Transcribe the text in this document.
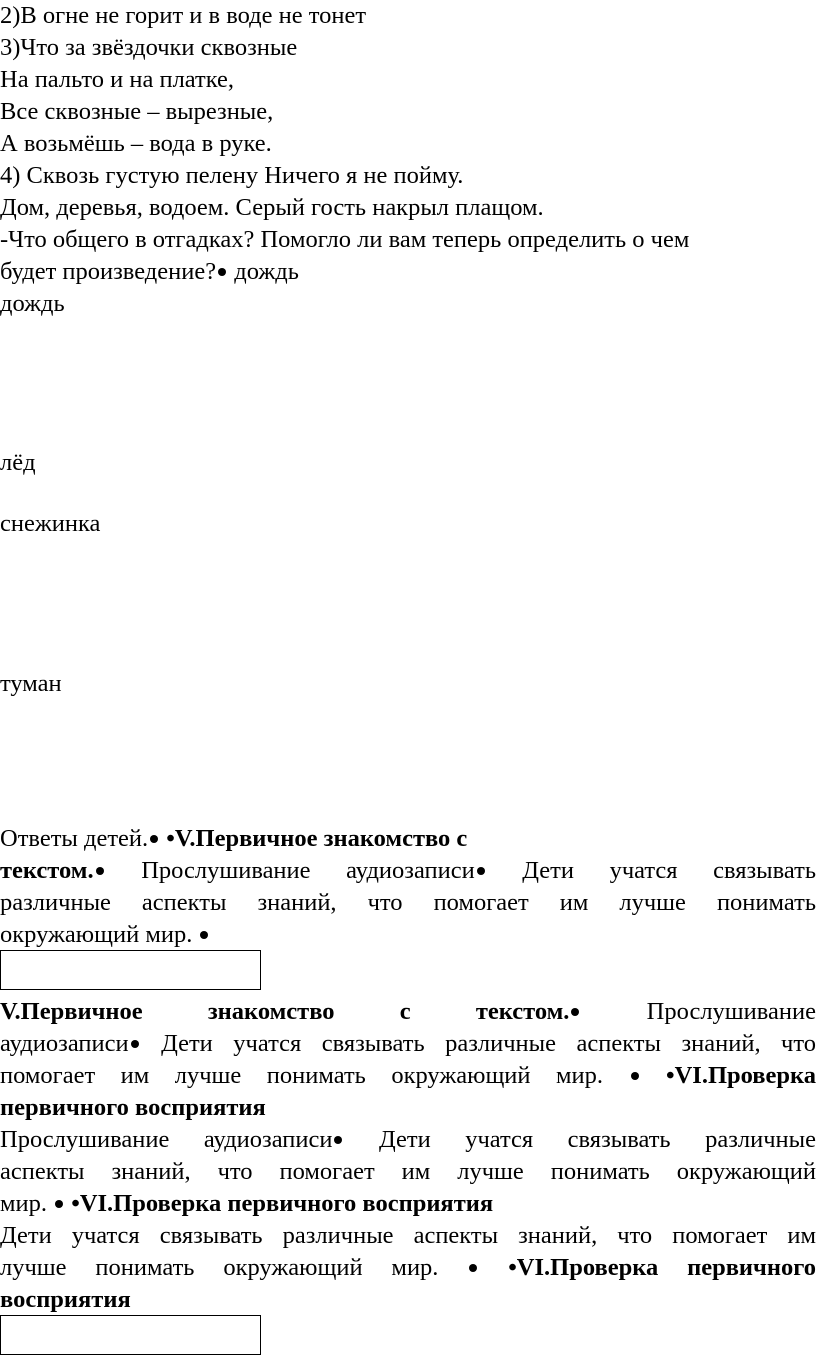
2)В огне не горит и в воде не тонет
3)Что за звёздочки сквозные
На пальто и на платке,
Все сквозные – вырезные,
А возьмёшь – вода в руке.
4) Сквозь густую пелену Ничего я не пойму.
Дом, деревья, водоем. Серый гость накрыл плащом.
-Что общего в отгадках? Помогло ли вам теперь определить о чем
будет произведение? дождь
дождь
лёд
снежинка
туман
Ответы детей. •V.Первичное знакомство с
текстом. Прослушивание аудиозаписи Дети учатся связывать
различные аспекты знаний, что помогает им лучше понимать
окружающий мир.
V.Первичное знакомство с текстом.	Прослушивание
аудиозаписи Дети учатся связывать различные аспекты знаний, что
помогает им лучше понимать окружающий мир.	•VI.Проверка
первичного восприятия
Прослушивание аудиозаписи Дети учатся связывать различные
аспекты знаний, что помогает им лучше понимать окружающий
мир. •VI.Проверка первичного восприятия
Дети учатся связывать различные аспекты знаний, что помогает им
лучше понимать окружающий мир.	•VI.Проверка первичного
восприятия
